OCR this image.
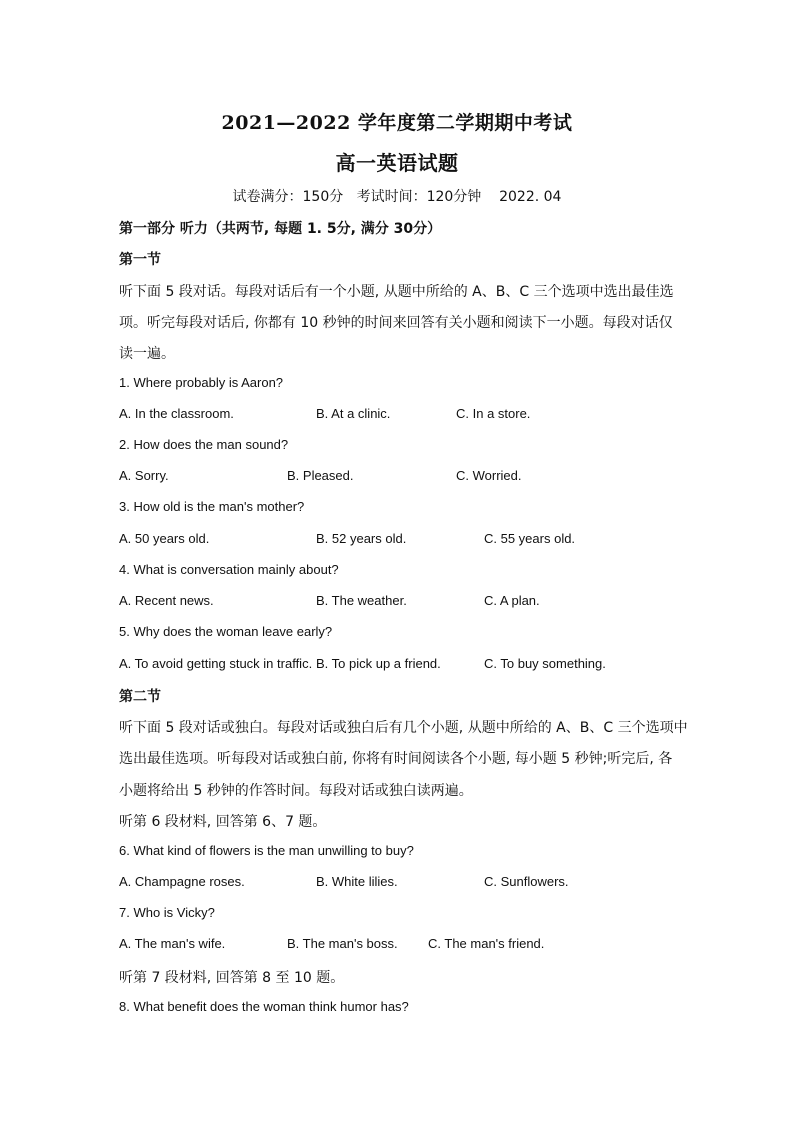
2021—2022 学年度第二学期期中考试
高一英语试题
试卷满分：150分   考试时间：120分钟    2022. 04
第一部分 听力（共两节, 每题 1. 5分, 满分 30分）
第一节
听下面 5 段对话。每段对话后有一个小题, 从题中所给的 A、B、C 三个选项中选出最佳选
项。听完每段对话后, 你都有 10 秒钟的时间来回答有关小题和阅读下一小题。每段对话仅
读一遍。
1. Where probably is Aaron?
A. In the classroom.	B. At a clinic.	C. In a store.
2. How does the man sound?
A. Sorry.	B. Pleased.	C. Worried.
3. How old is the man's mother?
A. 50 years old.	B. 52 years old.	C. 55 years old.
4. What is conversation mainly about?
A. Recent news.	B. The weather.	C. A plan.
5. Why does the woman leave early?
A. To avoid getting stuck in traffic. B. To pick up a friend.	C. To buy something.
第二节
听下面 5 段对话或独白。每段对话或独白后有几个小题, 从题中所给的 A、B、C 三个选项中
选出最佳选项。听每段对话或独白前, 你将有时间阅读各个小题, 每小题 5 秒钟;听完后, 各
小题将给出 5 秒钟的作答时间。每段对话或独白读两遍。
听第 6 段材料, 回答第 6、7 题。
6. What kind of flowers is the man unwilling to buy?
A. Champagne roses.	B. White lilies.	C. Sunflowers.
7. Who is Vicky?
A. The man's wife.	B. The man's boss. C. The man's friend.
听第 7 段材料, 回答第 8 至 10 题。
8. What benefit does the woman think humor has?
